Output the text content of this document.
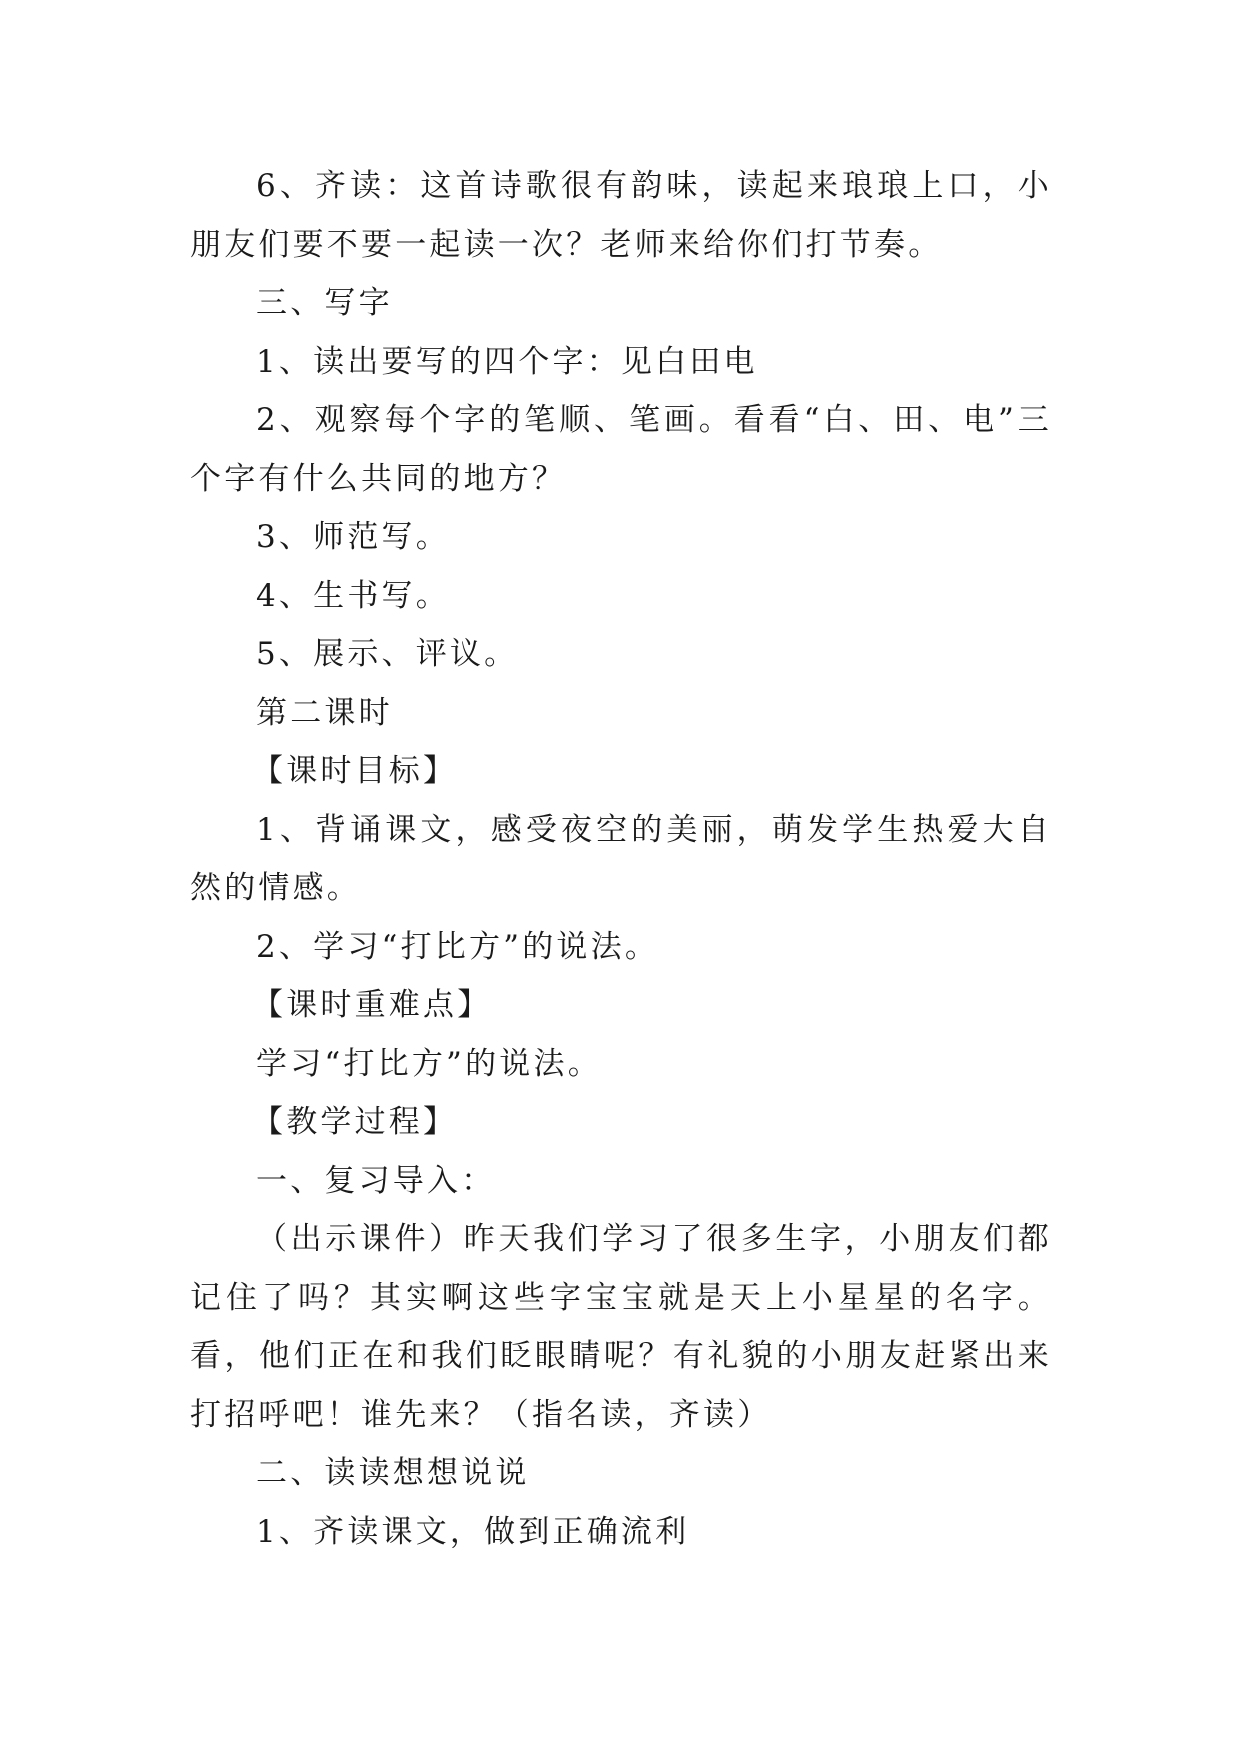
6、齐读：这首诗歌很有韵味，读起来琅琅上口，小朋友们要不要一起读一次？老师来给你们打节奏。

三、写字

1、读出要写的四个字：见白田电

2、观察每个字的笔顺、笔画。看看“白、田、电”三个字有什么共同的地方？

3、师范写。

4、生书写。

5、展示、评议。

第二课时

【课时目标】

1、背诵课文，感受夜空的美丽，萌发学生热爱大自然的情感。

2、学习“打比方”的说法。

【课时重难点】

学习“打比方”的说法。

【教学过程】

一、复习导入：

（出示课件）昨天我们学习了很多生字，小朋友们都记住了吗？其实啊这些字宝宝就是天上小星星的名字。看，他们正在和我们眨眼睛呢？有礼貌的小朋友赶紧出来打招呼吧！谁先来？（指名读，齐读）

二、读读想想说说

1、齐读课文，做到正确流利
